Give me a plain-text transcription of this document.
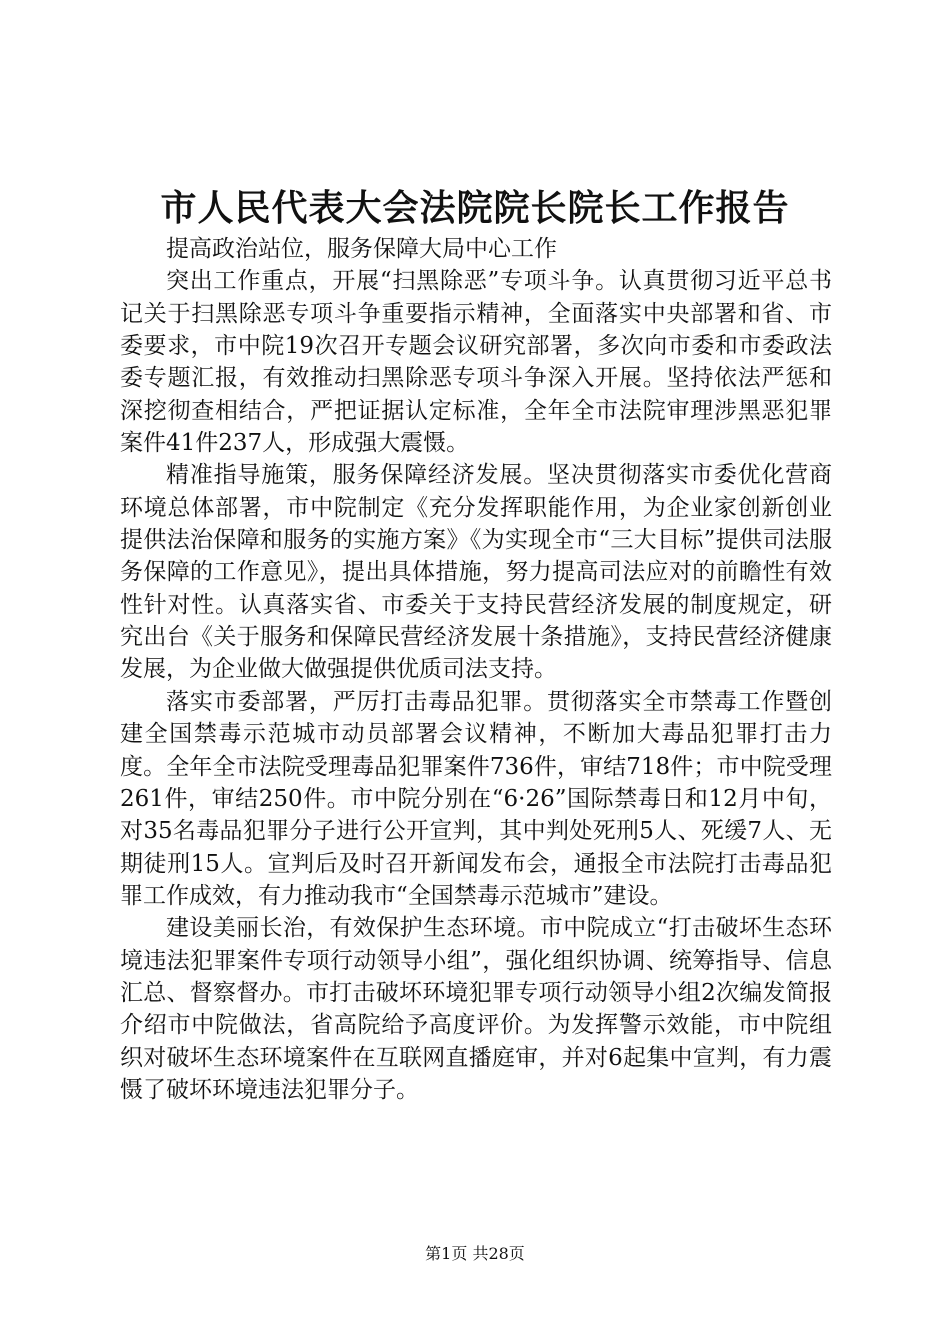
市人民代表大会法院院长院长工作报告

提高政治站位，服务保障大局中心工作

突出工作重点，开展“扫黑除恶”专项斗争。认真贯彻习近平总书记关于扫黑除恶专项斗争重要指示精神，全面落实中央部署和省、市委要求，市中院19次召开专题会议研究部署，多次向市委和市委政法委专题汇报，有效推动扫黑除恶专项斗争深入开展。坚持依法严惩和深挖彻查相结合，严把证据认定标准，全年全市法院审理涉黑恶犯罪案件41件237人，形成强大震慑。

精准指导施策，服务保障经济发展。坚决贯彻落实市委优化营商环境总体部署，市中院制定《充分发挥职能作用，为企业家创新创业提供法治保障和服务的实施方案》《为实现全市“三大目标”提供司法服务保障的工作意见》，提出具体措施，努力提高司法应对的前瞻性有效性针对性。认真落实省、市委关于支持民营经济发展的制度规定，研究出台《关于服务和保障民营经济发展十条措施》，支持民营经济健康发展，为企业做大做强提供优质司法支持。

落实市委部署，严厉打击毒品犯罪。贯彻落实全市禁毒工作暨创建全国禁毒示范城市动员部署会议精神，不断加大毒品犯罪打击力度。全年全市法院受理毒品犯罪案件736件，审结718件；市中院受理261件，审结250件。市中院分别在“6·26”国际禁毒日和12月中旬，对35名毒品犯罪分子进行公开宣判，其中判处死刑5人、死缓7人、无期徒刑15人。宣判后及时召开新闻发布会，通报全市法院打击毒品犯罪工作成效，有力推动我市“全国禁毒示范城市”建设。

建设美丽长治，有效保护生态环境。市中院成立“打击破坏生态环境违法犯罪案件专项行动领导小组”，强化组织协调、统筹指导、信息汇总、督察督办。市打击破坏环境犯罪专项行动领导小组2次编发简报介绍市中院做法，省高院给予高度评价。为发挥警示效能，市中院组织对破坏生态环境案件在互联网直播庭审，并对6起集中宣判，有力震慑了破坏环境违法犯罪分子。

第1页 共28页
